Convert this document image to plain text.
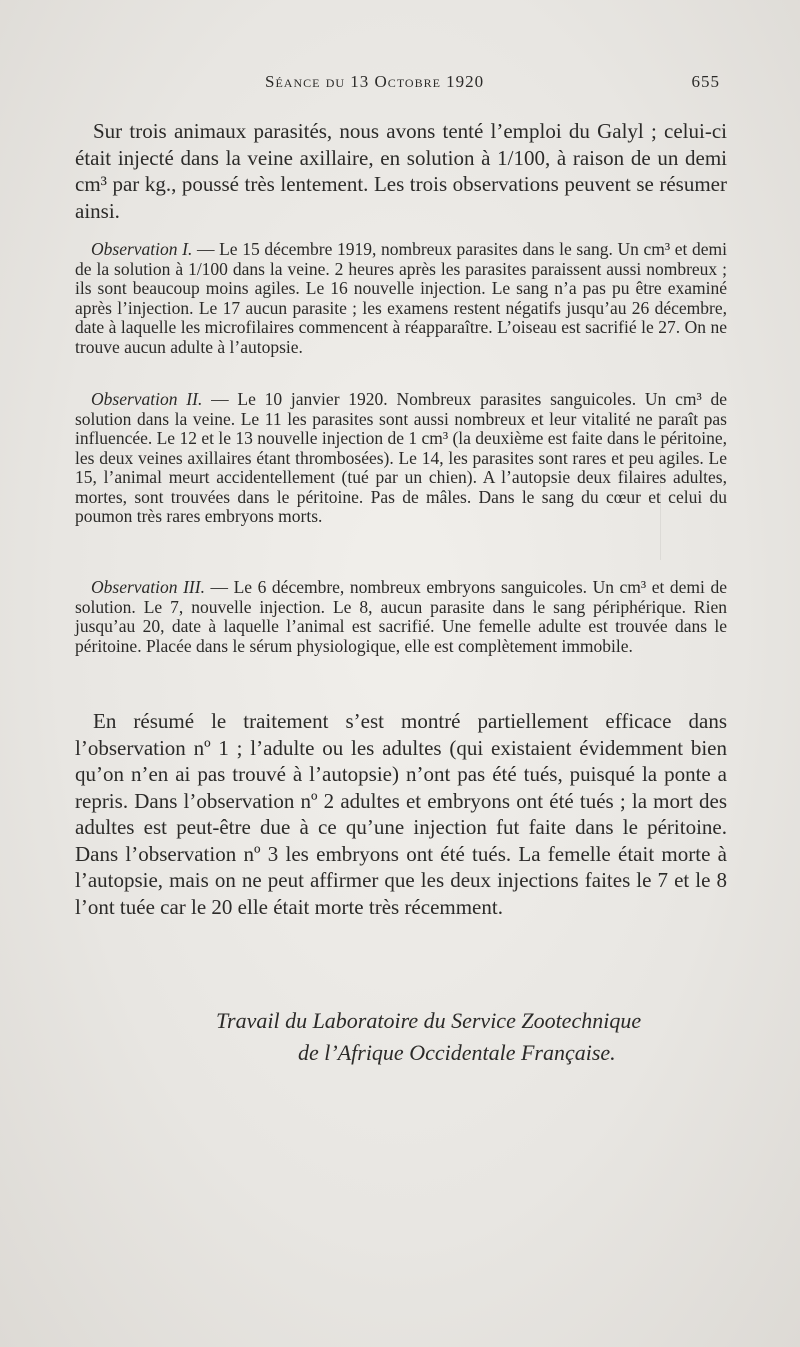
Séance du 13 Octobre 1920	655

Sur trois animaux parasités, nous avons tenté l’emploi du Galyl ; celui-ci était injecté dans la veine axillaire, en solution à 1/100, à raison de un demi cm³ par kg., poussé très lentement. Les trois observations peuvent se résumer ainsi.

Observation I. — Le 15 décembre 1919, nombreux parasites dans le sang. Un cm³ et demi de la solution à 1/100 dans la veine. 2 heures après les parasites paraissent aussi nombreux ; ils sont beaucoup moins agiles. Le 16 nouvelle injection. Le sang n’a pas pu être examiné après l’injection. Le 17 aucun parasite ; les examens restent négatifs jusqu’au 26 décembre, date à laquelle les microfilaires commencent à réapparaître. L’oiseau est sacrifié le 27. On ne trouve aucun adulte à l’autopsie.

Observation II. — Le 10 janvier 1920. Nombreux parasites sanguicoles. Un cm³ de solution dans la veine. Le 11 les parasites sont aussi nombreux et leur vitalité ne paraît pas influencée. Le 12 et le 13 nouvelle injection de 1 cm³ (la deuxième est faite dans le péritoine, les deux veines axillaires étant thrombosées). Le 14, les parasites sont rares et peu agiles. Le 15, l’animal meurt accidentellement (tué par un chien). A l’autopsie deux filaires adultes, mortes, sont trouvées dans le péritoine. Pas de mâles. Dans le sang du cœur et celui du poumon très rares embryons morts.

Observation III. — Le 6 décembre, nombreux embryons sanguicoles. Un cm³ et demi de solution. Le 7, nouvelle injection. Le 8, aucun parasite dans le sang périphérique. Rien jusqu’au 20, date à laquelle l’animal est sacrifié. Une femelle adulte est trouvée dans le péritoine. Placée dans le sérum physiologique, elle est complètement immobile.

En résumé le traitement s’est montré partiellement efficace dans l’observation nº 1 ; l’adulte ou les adultes (qui existaient évidemment bien qu’on n’en ai pas trouvé à l’autopsie) n’ont pas été tués, puisqué la ponte a repris. Dans l’observation nº 2 adultes et embryons ont été tués ; la mort des adultes est peut-être due à ce qu’une injection fut faite dans le péritoine. Dans l’observation nº 3 les embryons ont été tués. La femelle était morte à l’autopsie, mais on ne peut affirmer que les deux injections faites le 7 et le 8 l’ont tuée car le 20 elle était morte très récemment.

Travail du Laboratoire du Service Zootechnique
de l’Afrique Occidentale Française.
